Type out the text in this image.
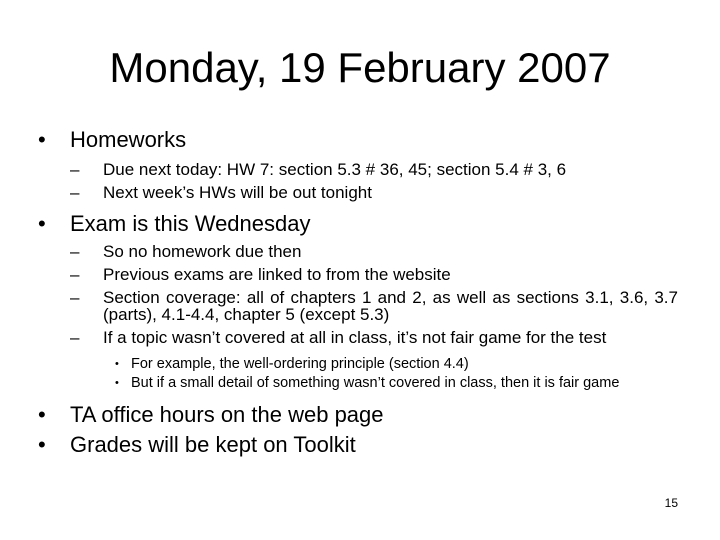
Monday, 19 February 2007
• Homeworks
– Due next today: HW 7: section 5.3 # 36, 45; section 5.4 # 3, 6
– Next week’s HWs will be out tonight
• Exam is this Wednesday
– So no homework due then
– Previous exams are linked to from the website
– Section coverage: all of chapters 1 and 2, as well as sections 3.1, 3.6, 3.7 (parts), 4.1-4.4, chapter 5 (except 5.3)
– If a topic wasn’t covered at all in class, it’s not fair game for the test
• For example, the well-ordering principle (section 4.4)
• But if a small detail of something wasn’t covered in class, then it is fair game
• TA office hours on the web page
• Grades will be kept on Toolkit
15
